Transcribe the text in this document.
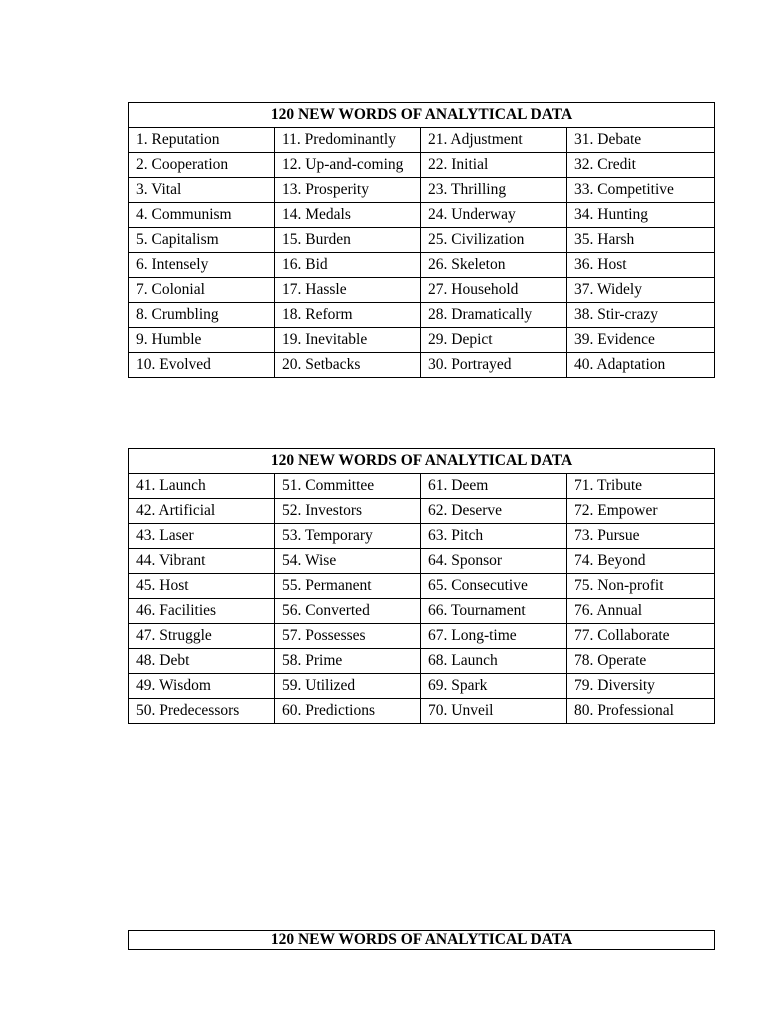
120 NEW WORDS OF ANALYTICAL DATA			
1. Reputation	11. Predominantly	21. Adjustment	31. Debate
2. Cooperation	12. Up-and-coming	22. Initial	32. Credit
3. Vital	13. Prosperity	23. Thrilling	33. Competitive
4. Communism	14. Medals	24. Underway	34. Hunting
5. Capitalism	15. Burden	25. Civilization	35. Harsh
6. Intensely	16. Bid	26. Skeleton	36. Host
7. Colonial	17. Hassle	27. Household	37. Widely
8. Crumbling	18. Reform	28. Dramatically	38. Stir-crazy
9. Humble	19. Inevitable	29. Depict	39. Evidence
10. Evolved	20. Setbacks	30. Portrayed	40. Adaptation
120 NEW WORDS OF ANALYTICAL DATA			
41. Launch	51. Committee	61. Deem	71. Tribute
42. Artificial	52. Investors	62. Deserve	72. Empower
43. Laser	53. Temporary	63. Pitch	73. Pursue
44. Vibrant	54. Wise	64. Sponsor	74. Beyond
45. Host	55. Permanent	65. Consecutive	75. Non-profit
46. Facilities	56. Converted	66. Tournament	76. Annual
47. Struggle	57. Possesses	67. Long-time	77. Collaborate
48. Debt	58. Prime	68. Launch	78. Operate
49. Wisdom	59. Utilized	69. Spark	79. Diversity
50. Predecessors	60. Predictions	70. Unveil	80. Professional
120 NEW WORDS OF ANALYTICAL DATA
